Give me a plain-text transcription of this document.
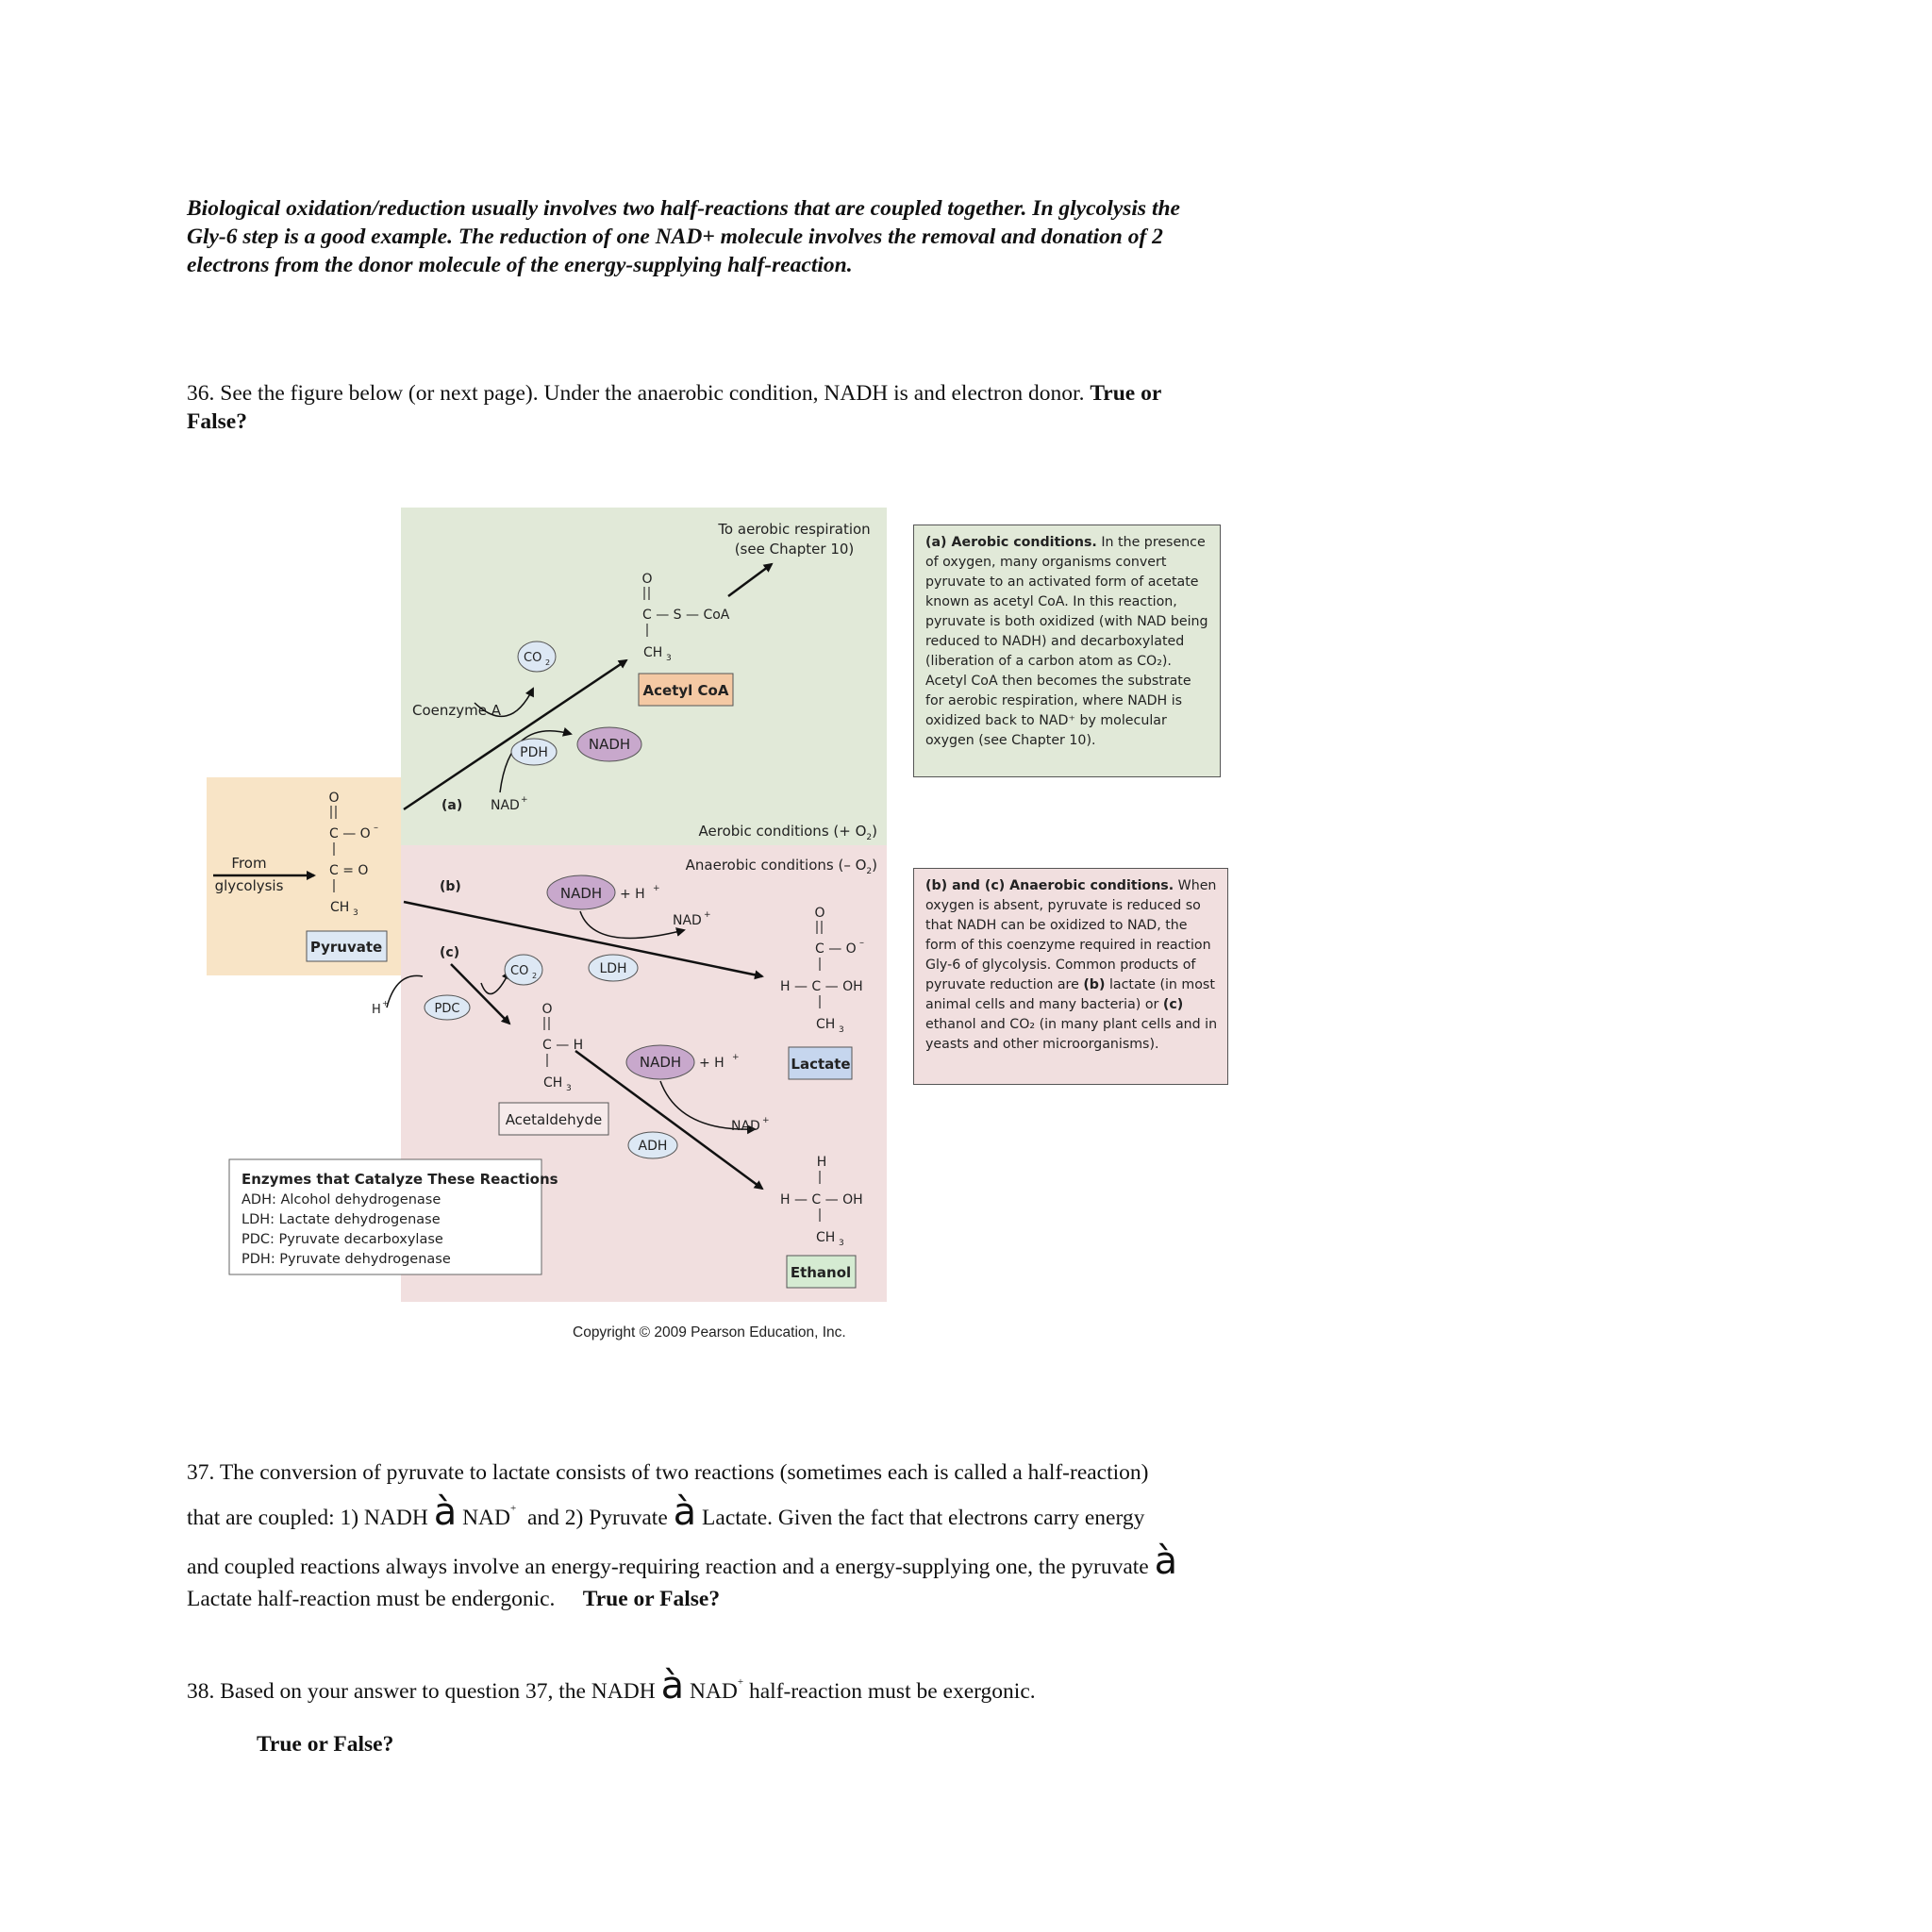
Biological oxidation/reduction usually involves two half-reactions that are coupled together. In glycolysis the
Gly-6 step is a good example. The reduction of one NAD+ molecule involves the removal and donation of 2
electrons from the donor molecule of the energy-supplying half-reaction.
36. See the figure below (or next page). Under the anaerobic condition, NADH is and electron donor. True or
False?
O
C — O –
C = O
CH 3
Pyruvate
From
glycolysis
(a)
Coenzyme A
NAD +
CO 2
PDH	NADH
O
C — S — CoA
CH 3
Acetyl CoA
To aerobic respiration
(see Chapter 10)
Aerobic conditions (+ $O_2$)
Anaerobic conditions (– $O_2$)
(b)	NADH + H +
NAD +
LDH
O
C — O –
H — C — OH
CH 3
Lactate
(c)
H +	PDC
CO 2
O
C — H
CH 3
Acetaldehyde
NADH + H +
NAD +
ADH
H
H — C — OH
CH 3
Ethanol
Enzymes that Catalyze These Reactions
ADH: Alcohol dehydrogenase
LDH: Lactate dehydrogenase
PDC: Pyruvate decarboxylase
PDH: Pyruvate dehydrogenase
Copyright © 2009 Pearson Education, Inc.
(a) Aerobic conditions. In the presence of oxygen, many organisms convert pyruvate to an activated form of acetate known as acetyl CoA. In this reaction, pyruvate is both oxidized (with NAD being reduced to NADH) and decarboxylated (liberation of a carbon atom as CO₂). Acetyl CoA then becomes the substrate for aerobic respiration, where NADH is oxidized back to NAD⁺ by molecular oxygen (see Chapter 10).
(b) and (c) Anaerobic conditions. When oxygen is absent, pyruvate is reduced so that NADH can be oxidized to NAD, the form of this coenzyme required in reaction Gly-6 of glycolysis. Common products of pyruvate reduction are (b) lactate (in most animal cells and many bacteria) or (c) ethanol and CO₂ (in many plant cells and in yeasts and other microorganisms).
37. The conversion of pyruvate to lactate consists of two reactions (sometimes each is called a half-reaction)
that are coupled: 1) NADH à NAD+ and 2) Pyruvate à Lactate. Given the fact that electrons carry energy
and coupled reactions always involve an energy-requiring reaction and a energy-supplying one, the pyruvate à
Lactate half-reaction must be endergonic. True or False?
38. Based on your answer to question 37, the NADH à NAD+ half-reaction must be exergonic.
True or False?
